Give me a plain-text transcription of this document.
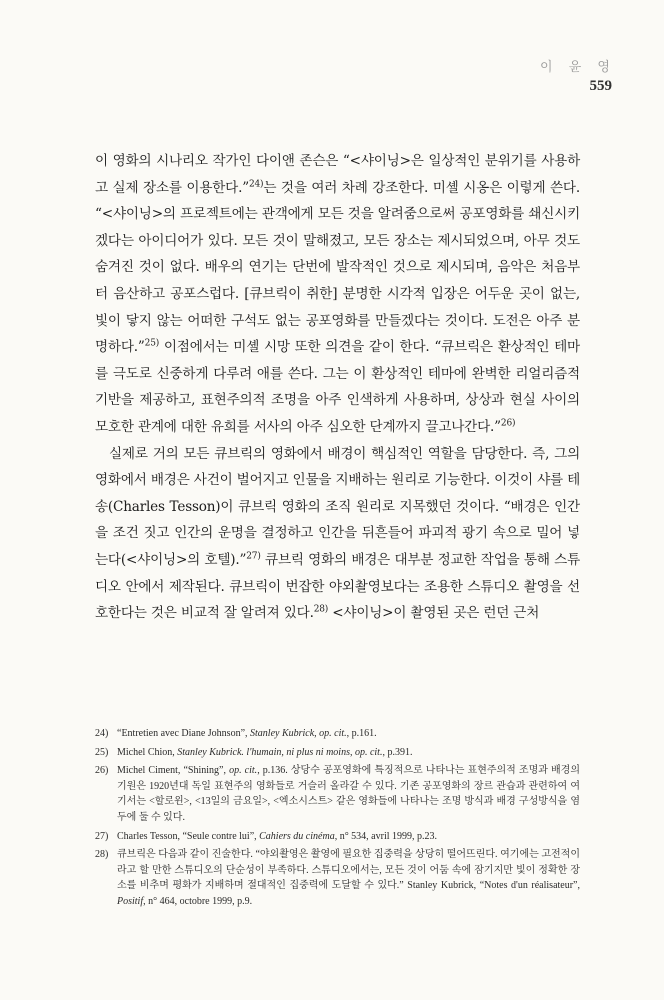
이 윤 영
559

이 영화의 시나리오 작가인 다이앤 존슨은 “<샤이닝>은 일상적인 분위기를 사용하고 실제 장소를 이용한다.”$^{24)}$는 것을 여러 차례 강조한다. 미셸 시옹은 이렇게 쓴다. “<샤이닝>의 프로젝트에는 관객에게 모든 것을 알려줌으로써 공포영화를 쇄신시키겠다는 아이디어가 있다. 모든 것이 말해졌고, 모든 장소는 제시되었으며, 아무 것도 숨겨진 것이 없다. 배우의 연기는 단번에 발작적인 것으로 제시되며, 음악은 처음부터 음산하고 공포스럽다. [큐브릭이 취한] 분명한 시각적 입장은 어두운 곳이 없는, 빛이 닿지 않는 어떠한 구석도 없는 공포영화를 만들겠다는 것이다. 도전은 아주 분명하다.”$^{25)}$ 이점에서는 미셸 시망 또한 의견을 같이 한다. “큐브릭은 환상적인 테마를 극도로 신중하게 다루려 애를 쓴다. 그는 이 환상적인 테마에 완벽한 리얼리즘적 기반을 제공하고, 표현주의적 조명을 아주 인색하게 사용하며, 상상과 현실 사이의 모호한 관계에 대한 유희를 서사의 아주 심오한 단계까지 끌고나간다.”$^{26)}$

실제로 거의 모든 큐브릭의 영화에서 배경이 핵심적인 역할을 담당한다. 즉, 그의 영화에서 배경은 사건이 벌어지고 인물을 지배하는 원리로 기능한다. 이것이 샤를 테송(Charles Tesson)이 큐브릭 영화의 조직 원리로 지목했던 것이다. “배경은 인간을 조건 짓고 인간의 운명을 결정하고 인간을 뒤흔들어 파괴적 광기 속으로 밀어 넣는다(<샤이닝>의 호텔).”$^{27)}$ 큐브릭 영화의 배경은 대부분 정교한 작업을 통해 스튜디오 안에서 제작된다. 큐브릭이 번잡한 야외촬영보다는 조용한 스튜디오 촬영을 선호한다는 것은 비교적 잘 알려져 있다.$^{28)}$ <샤이닝>이 촬영된 곳은 런던 근처

24) “Entretien avec Diane Johnson”, Stanley Kubrick, op. cit., p.161.
25) Michel Chion, Stanley Kubrick. l'humain, ni plus ni moins, op. cit., p.391.
26) Michel Ciment, “Shining”, op. cit., p.136. 상당수 공포영화에 특징적으로 나타나는 표현주의적 조명과 배경의 기원은 1920년대 독일 표현주의 영화들로 거슬러 올라갈 수 있다. 기존 공포영화의 장르 관습과 관련하여 여기서는 <할로윈>, <13일의 금요일>, <엑소시스트> 같은 영화들에 나타나는 조명 방식과 배경 구성방식을 염두에 둘 수 있다.
27) Charles Tesson, “Seule contre lui”, Cahiers du cinéma, n° 534, avril 1999, p.23.
28) 큐브릭은 다음과 같이 진술한다. “야외촬영은 촬영에 필요한 집중력을 상당히 떨어뜨린다. 여기에는 고전적이라고 할 만한 스튜디오의 단순성이 부족하다. 스튜디오에서는, 모든 것이 어둠 속에 잠기지만 빛이 정확한 장소를 비추며 평화가 지배하며 절대적인 집중력에 도달할 수 있다.” Stanley Kubrick, “Notes d'un réalisateur”, Positif, n° 464, octobre 1999, p.9.
